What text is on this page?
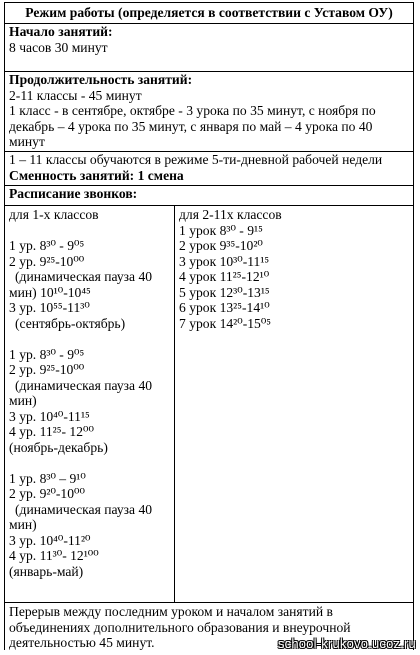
Режим работы (определяется в соответствии с Уставом ОУ)
Начало занятий:
8 часов 30 минут
Продолжительность занятий:
2-11 классы - 45 минут
1 класс - в сентябре, октябре - 3 урока по 35 минут, с ноября по декабрь – 4 урока по 35 минут, с января по май – 4 урока по 40 минут
1 – 11 классы обучаются в режиме 5-ти-дневной рабочей недели
Сменность занятий: 1 смена
Расписание звонков:
для 1-х классов
1 ур. 8³⁰ - 9⁰⁵
2 ур. 9²⁵-10⁰⁰
(динамическая пауза 40
мин) 10¹⁰-10⁴⁵
3 ур. 10⁵⁵-11³⁰
(сентябрь-октябрь)
1 ур. 8³⁰ - 9⁰⁵
2 ур. 9²⁵-10⁰⁰
(динамическая пауза 40
мин)
3 ур. 10⁴⁰-11¹⁵
4 ур. 11²⁵- 12⁰⁰
(ноябрь-декабрь)
1 ур. 8³⁰ – 9¹⁰
2 ур. 9²⁰-10⁰⁰
(динамическая пауза 40
мин)
3 ур. 10⁴⁰-11²⁰
4 ур. 11³⁰- 12¹⁰⁰
(январь-май)
для 2-11х классов
1 урок 8³⁰ - 9¹⁵
2 урок 9³⁵-10²⁰
3 урок 10³⁰-11¹⁵
4 урок 11²⁵-12¹⁰
5 урок 12³⁰-13¹⁵
6 урок 13²⁵-14¹⁰
7 урок 14²⁰-15⁰⁵
Перерыв между последним уроком и началом занятий в объединениях дополнительного образования и внеурочной деятельностью 45 минут.	school-krukovo.ucoz.ru
